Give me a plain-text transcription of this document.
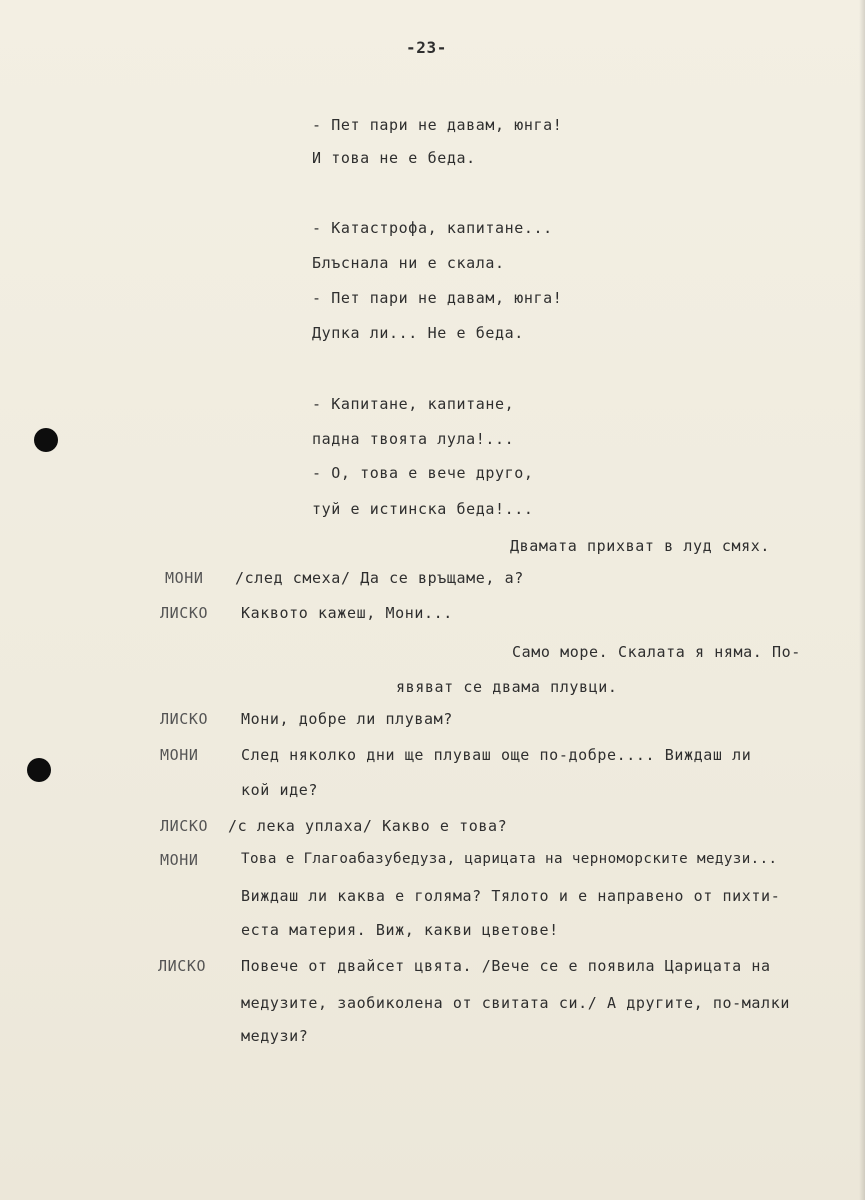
-23-
- Пет пари не давам, юнга!
И това не е беда.
- Катастрофа, капитане...
Блъснала ни е скала.
- Пет пари не давам, юнга!
Дупка ли... Не е беда.
- Капитане, капитане,
падна твоята лула!...
- О, това е вече друго,
туй е истинска беда!...
Двамата прихват в луд смях.
МОНИ /след смеха/ Да се връщаме, а?
ЛИСКО Каквото кажеш, Мони...
Само море. Скалата я няма. По-
явяват се двама плувци.
ЛИСКО Мони, добре ли плувам?
МОНИ	След няколко дни ще плуваш още по-добре.... Виждаш ли
кой иде?
ЛИСКО /с лека уплаха/ Какво е това?
МОНИ	Това е Глагоабазубедуза, царицата на черноморските медузи...
Виждаш ли каква е голяма? Тялото и е направено от пихти-
еста материя. Виж, какви цветове!
ЛИСКО Повече от двайсет цвята. /Вече се е появила Царицата на
медузите, заобиколена от свитата си./ А другите, по-малки
медузи?
